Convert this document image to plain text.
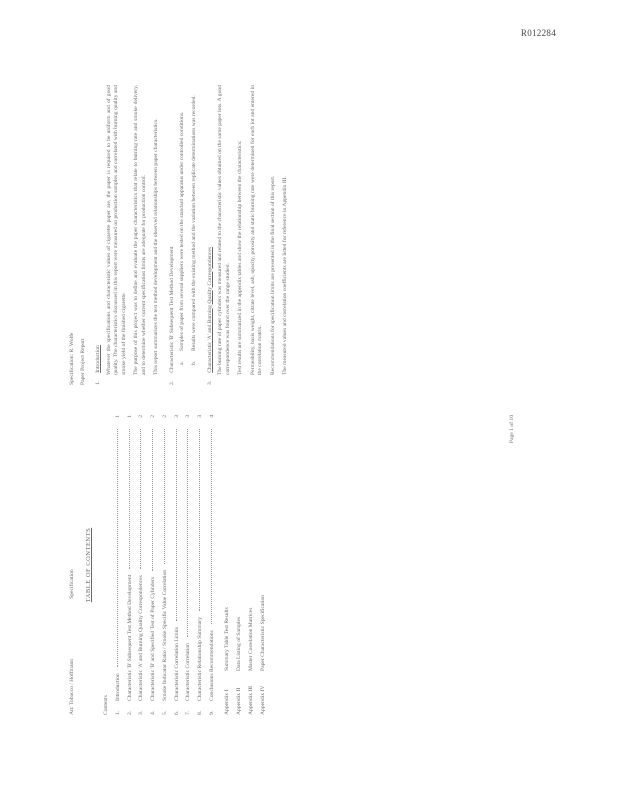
R012284
Att: Tobacco / Hoffmann
Specification TABLE OF CONTENTS
Contents 1.
Introduction
1
2.
Characteristic 'B' Subsequent Test Method Development
1
3.
Characteristic 'A' and Burning Quality Correspondences
2
4.
Characteristic 'B' and Specified Test of Paper Cylinders
2
5.
Smoke Indicator Ratio / Smoke Specific Value Correlation
2
6.
Characteristic Correlation Limits
3
7.
Characteristic Correlation
3
8.
Characteristic Relationship Summary
3
9.
Conclusions Recommendations
4
Appendix I
Summary Table Test Results
Appendix II
Data Listing of Samples
Appendix III
Master Correlation Matrices
Appendix IV
Paper Characteristic Specification
Page 1 of 10
Specification: R. Wolfe Paper Project Report 1.
Introduction Whatever the specifications and characteristic values of cigarette paper are, the paper is required to be uniform and of good quality. The characteristics discussed in this report were measured on production samples and correlated with burning quality and smoke yield of the finished cigarette. The purpose of this project was to define and evaluate the paper characteristics that relate to burning rate and smoke delivery, and to determine whether current specification limits are adequate for production control. This report summarizes the test method development and the observed relationships between paper characteristics.

2.
Characteristic 'B' Subsequent Test Method Development a.
Samples of paper from several suppliers were tested on the standard apparatus under controlled conditions.
b.
Results were compared with the existing method and the variation between replicate determinations was recorded.
3.
Characteristic 'A' and Burning Quality Correspondences The burning rate of paper cylinders was measured and related to the characteristic values obtained on the same paper lots. A good correspondence was found over the range studied. Test results are summarized in the appendix tables and show the relationship between the characteristics: Permeability, basis weight, citrate level, ash, opacity, porosity and static burning rate were determined for each lot and entered in the correlation matrix. Recommendations for specification limits are presented in the final section of this report. The measured values and correlation coefficients are listed for reference in Appendix III.
